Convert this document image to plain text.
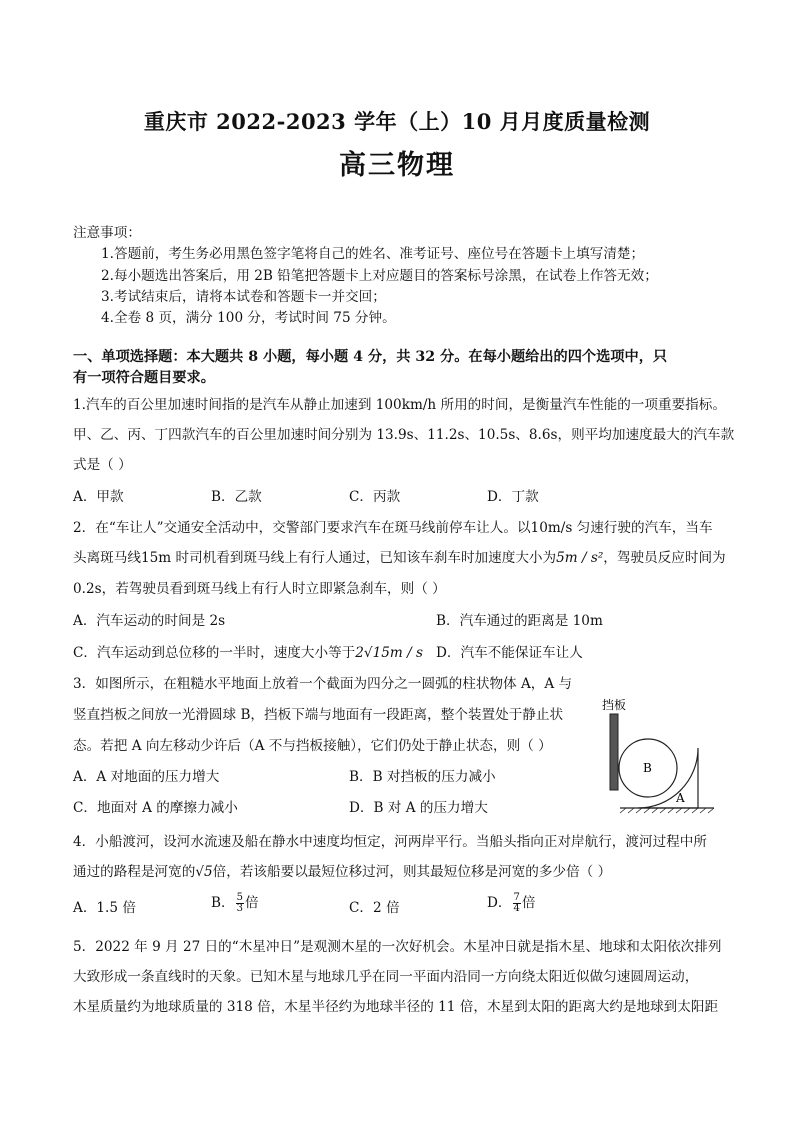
重庆市 2022-2023 学年（上）10 月月度质量检测
高三物理
注意事项：
1.答题前，考生务必用黑色签字笔将自己的姓名、准考证号、座位号在答题卡上填写清楚；
2.每小题选出答案后，用 2B 铅笔把答题卡上对应题目的答案标号涂黑，在试卷上作答无效；
3.考试结束后，请将本试卷和答题卡一并交回；
4.全卷 8 页，满分 100 分，考试时间 75 分钟。
一、单项选择题：本大题共 8 小题，每小题 4 分，共 32 分。在每小题给出的四个选项中，只
有一项符合题目要求。
1.汽车的百公里加速时间指的是汽车从静止加速到 100km/h 所用的时间，是衡量汽车性能的一项重要指标。
甲、乙、丙、丁四款汽车的百公里加速时间分别为 13.9s、11.2s、10.5s、8.6s，则平均加速度最大的汽车款
式是（ ）
A．甲款	B．乙款	C．丙款	D．丁款
2．在“车让人”交通安全活动中，交警部门要求汽车在斑马线前停车让人。以10m/s 匀速行驶的汽车，当车
头离斑马线15m 时司机看到斑马线上有行人通过，已知该车刹车时加速度大小为5m / s²，驾驶员反应时间为
0.2s，若驾驶员看到斑马线上有行人时立即紧急刹车，则（ ）
A．汽车运动的时间是 2s	B．汽车通过的距离是 10m
C．汽车运动到总位移的一半时，速度大小等于2√15m / s D．汽车不能保证车让人
3．如图所示，在粗糙水平地面上放着一个截面为四分之一圆弧的柱状物体 A，A 与
竖直挡板之间放一光滑圆球 B，挡板下端与地面有一段距离，整个装置处于静止状
态。若把 A 向左移动少许后（A 不与挡板接触），它们仍处于静止状态，则（ ）
A．A 对地面的压力增大	B．B 对挡板的压力减小
C．地面对 A 的摩擦力减小	D．B 对 A 的压力增大
挡板
B
A
4．小船渡河，设河水流速及船在静水中速度均恒定，河两岸平行。当船头指向正对岸航行，渡河过程中所
通过的路程是河宽的√5倍，若该船要以最短位移过河，则其最短位移是河宽的多少倍（ ）
A．1.5 倍	B． $\frac{5}{3}$ 倍	C．2 倍	D． $\frac{7}{4}$ 倍
5．2022 年 9 月 27 日的“木星冲日”是观测木星的一次好机会。木星冲日就是指木星、地球和太阳依次排列
大致形成一条直线时的天象。已知木星与地球几乎在同一平面内沿同一方向绕太阳近似做匀速圆周运动，
木星质量约为地球质量的 318 倍，木星半径约为地球半径的 11 倍，木星到太阳的距离大约是地球到太阳距
